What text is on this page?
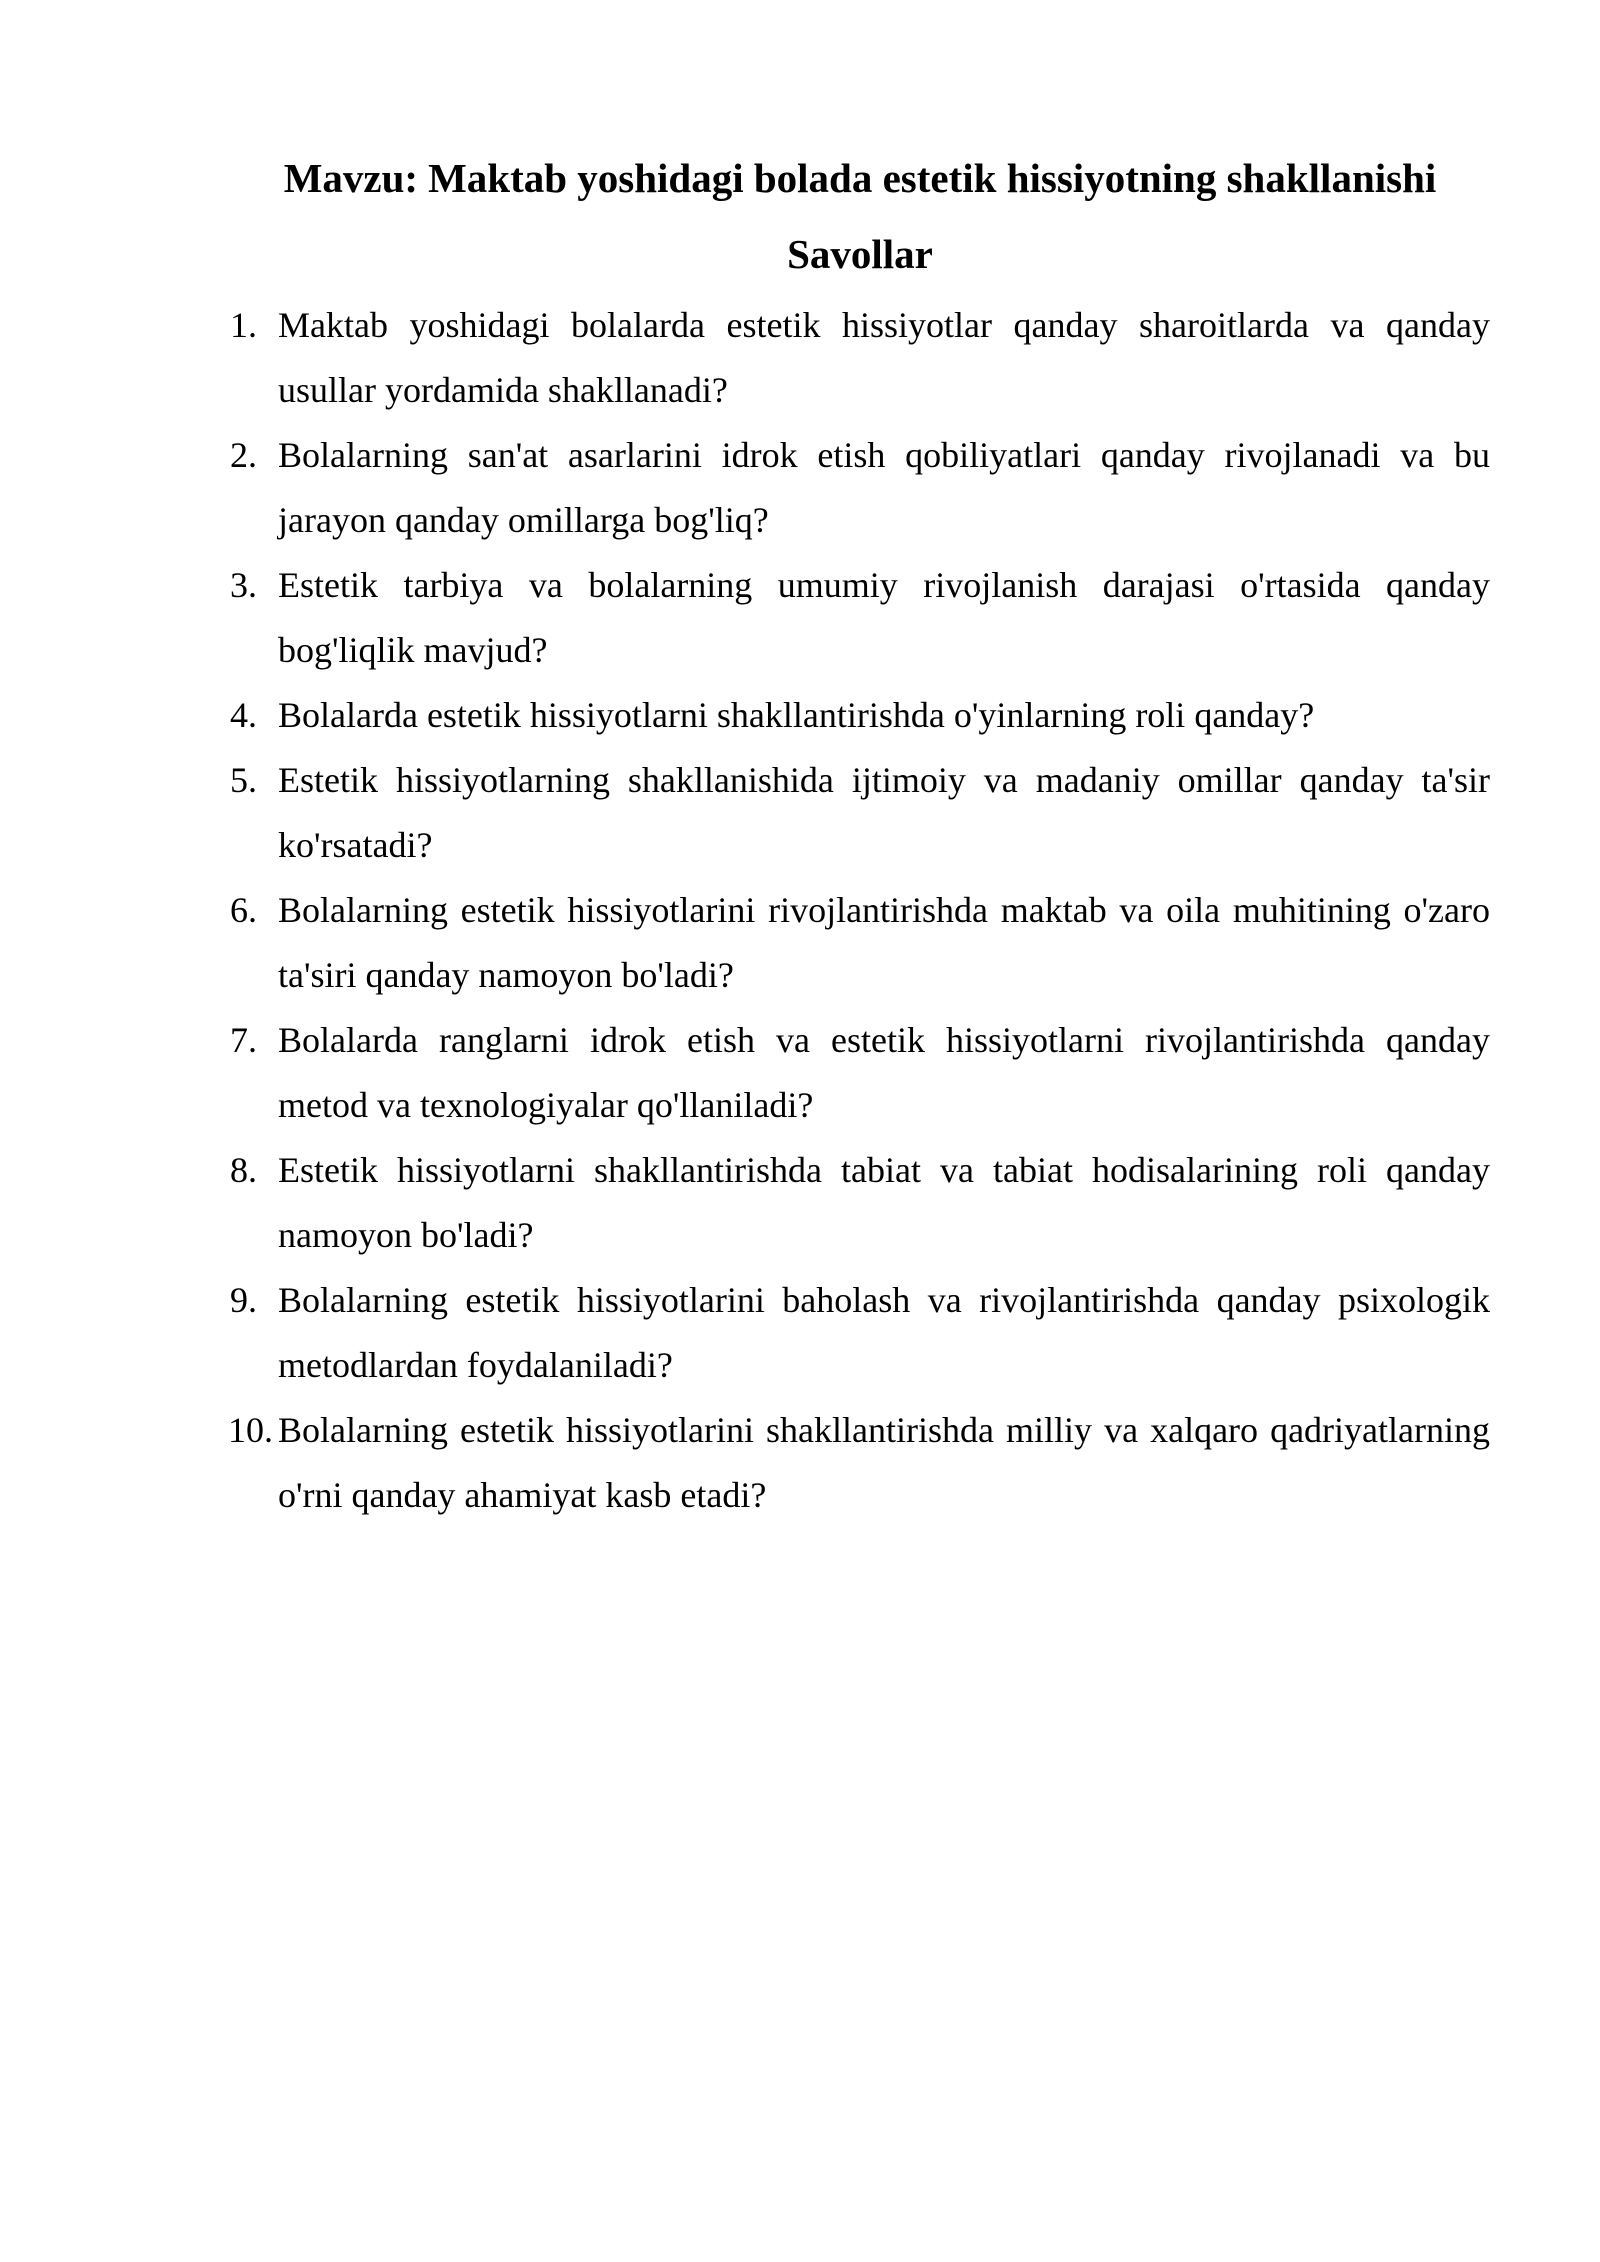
Mavzu: Maktab yoshidagi bolada estetik hissiyotning shakllanishi
Savollar
1. Maktab yoshidagi bolalarda estetik hissiyotlar qanday sharoitlarda va qanday usullar yordamida shakllanadi?
2. Bolalarning san'at asarlarini idrok etish qobiliyatlari qanday rivojlanadi va bu jarayon qanday omillarga bog'liq?
3. Estetik tarbiya va bolalarning umumiy rivojlanish darajasi o'rtasida qanday bog'liqlik mavjud?
4. Bolalarda estetik hissiyotlarni shakllantirishda o'yinlarning roli qanday?
5. Estetik hissiyotlarning shakllanishida ijtimoiy va madaniy omillar qanday ta'sir ko'rsatadi?
6. Bolalarning estetik hissiyotlarini rivojlantirishda maktab va oila muhitining o'zaro ta'siri qanday namoyon bo'ladi?
7. Bolalarda ranglarni idrok etish va estetik hissiyotlarni rivojlantirishda qanday metod va texnologiyalar qo'llaniladi?
8. Estetik hissiyotlarni shakllantirishda tabiat va tabiat hodisalarining roli qanday namoyon bo'ladi?
9. Bolalarning estetik hissiyotlarini baholash va rivojlantirishda qanday psixologik metodlardan foydalaniladi?
10. Bolalarning estetik hissiyotlarini shakllantirishda milliy va xalqaro qadriyatlarning o'rni qanday ahamiyat kasb etadi?
